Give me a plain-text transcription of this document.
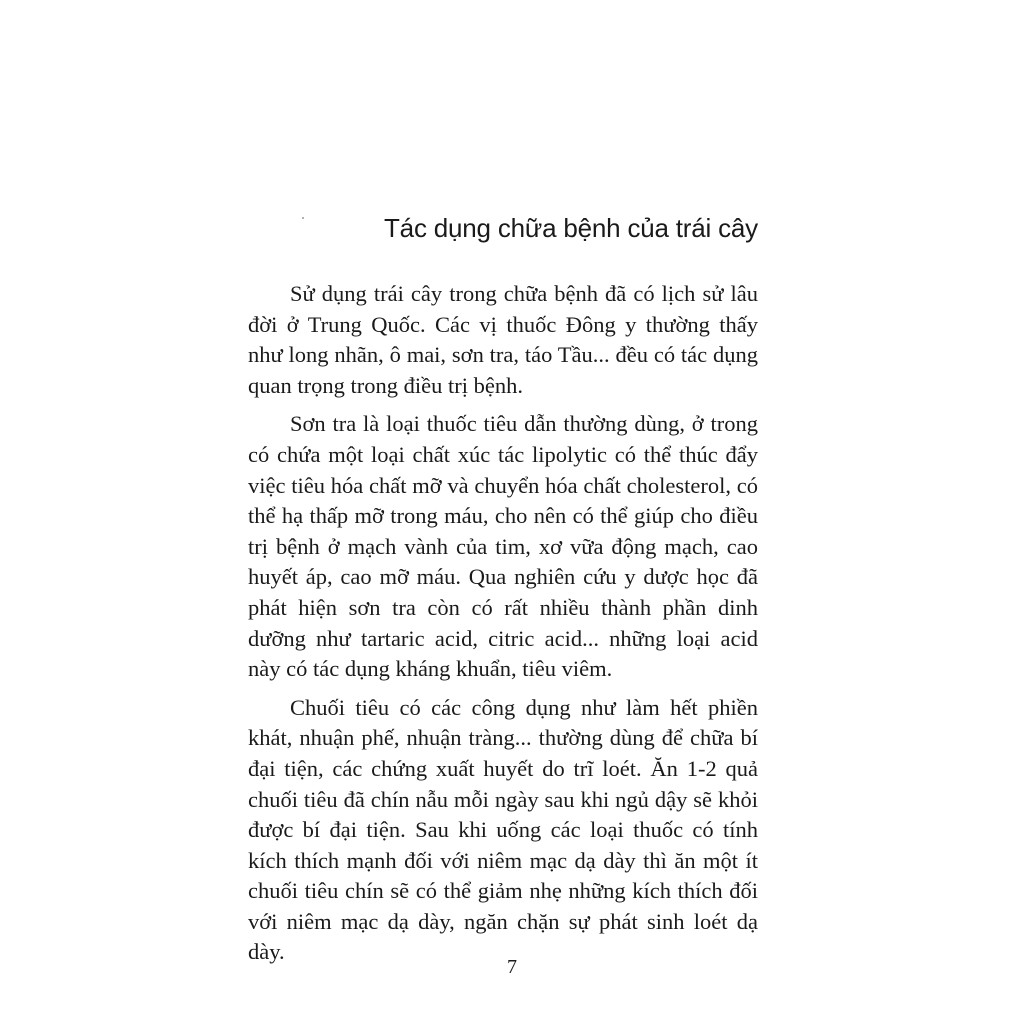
Tác dụng chữa bệnh của trái cây

Sử dụng trái cây trong chữa bệnh đã có lịch sử lâu đời ở Trung Quốc. Các vị thuốc Đông y thường thấy như long nhãn, ô mai, sơn tra, táo Tầu... đều có tác dụng quan trọng trong điều trị bệnh.

Sơn tra là loại thuốc tiêu dẫn thường dùng, ở trong có chứa một loại chất xúc tác lipolytic có thể thúc đẩy việc tiêu hóa chất mỡ và chuyển hóa chất cholesterol, có thể hạ thấp mỡ trong máu, cho nên có thể giúp cho điều trị bệnh ở mạch vành của tim, xơ vữa động mạch, cao huyết áp, cao mỡ máu. Qua nghiên cứu y dược học đã phát hiện sơn tra còn có rất nhiều thành phần dinh dưỡng như tartaric acid, citric acid... những loại acid này có tác dụng kháng khuẩn, tiêu viêm.

Chuối tiêu có các công dụng như làm hết phiền khát, nhuận phế, nhuận tràng... thường dùng để chữa bí đại tiện, các chứng xuất huyết do trĩ loét. Ăn 1-2 quả chuối tiêu đã chín nẫu mỗi ngày sau khi ngủ dậy sẽ khỏi được bí đại tiện. Sau khi uống các loại thuốc có tính kích thích mạnh đối với niêm mạc dạ dày thì ăn một ít chuối tiêu chín sẽ có thể giảm nhẹ những kích thích đối với niêm mạc dạ dày, ngăn chặn sự phát sinh loét dạ dày.

7
